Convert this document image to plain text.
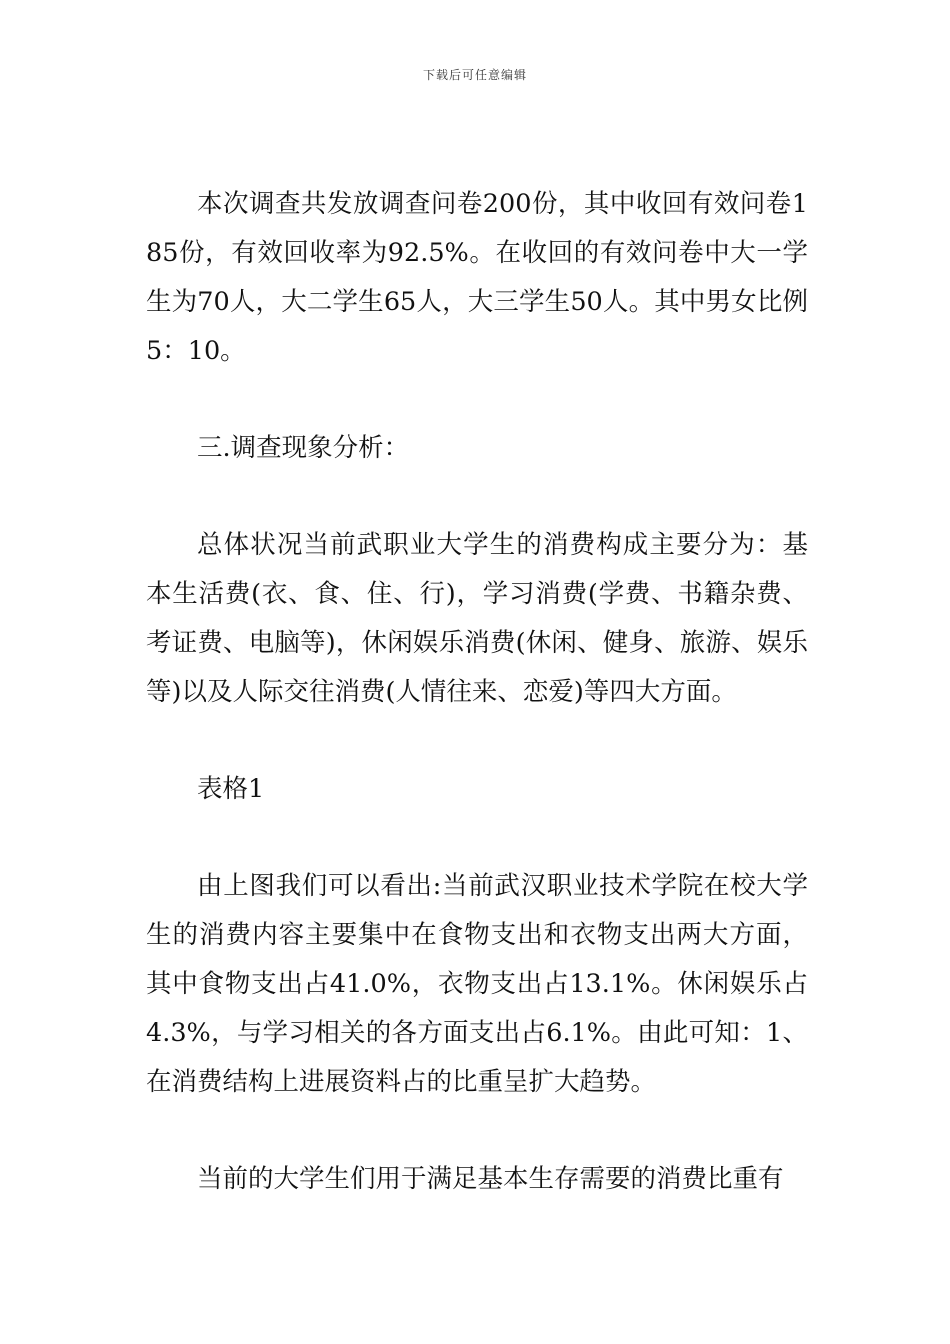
下载后可任意编辑

本次调查共发放调查问卷200份，其中收回有效问卷185份，有效回收率为92.5%。在收回的有效问卷中大一学生为70人，大二学生65人，大三学生50人。其中男女比例5：10。

三.调查现象分析：

总体状况当前武职业大学生的消费构成主要分为：基本生活费(衣、食、住、行)，学习消费(学费、书籍杂费、考证费、电脑等)，休闲娱乐消费(休闲、健身、旅游、娱乐等)以及人际交往消费(人情往来、恋爱)等四大方面。

表格1

由上图我们可以看出:当前武汉职业技术学院在校大学生的消费内容主要集中在食物支出和衣物支出两大方面，其中食物支出占41.0%，衣物支出占13.1%。休闲娱乐占4.3%，与学习相关的各方面支出占6.1%。由此可知：1、在消费结构上进展资料占的比重呈扩大趋势。

当前的大学生们用于满足基本生存需要的消费比重有
